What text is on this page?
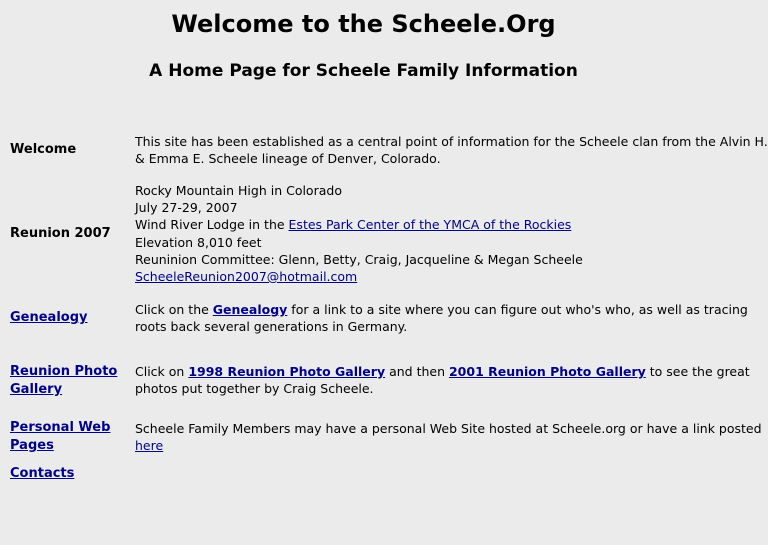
Welcome to the Scheele.Org
A Home Page for Scheele Family Information
Welcome
This site has been established as a central point of information for the Scheele clan from the Alvin H.
& Emma E. Scheele lineage of Denver, Colorado.
Reunion 2007
Rocky Mountain High in Colorado
July 27-29, 2007
Wind River Lodge in the Estes Park Center of the YMCA of the Rockies
Elevation 8,010 feet
Reuninion Committee: Glenn, Betty, Craig, Jacqueline & Megan Scheele
ScheeleReunion2007@hotmail.com
Genealogy
Click on the Genealogy for a link to a site where you can figure out who's who, as well as tracing
roots back several generations in Germany.
Reunion Photo
Gallery
Click on 1998 Reunion Photo Gallery and then 2001 Reunion Photo Gallery to see the great
photos put together by Craig Scheele.
Personal Web
Pages
Scheele Family Members may have a personal Web Site hosted at Scheele.org or have a link posted
here
Contacts
